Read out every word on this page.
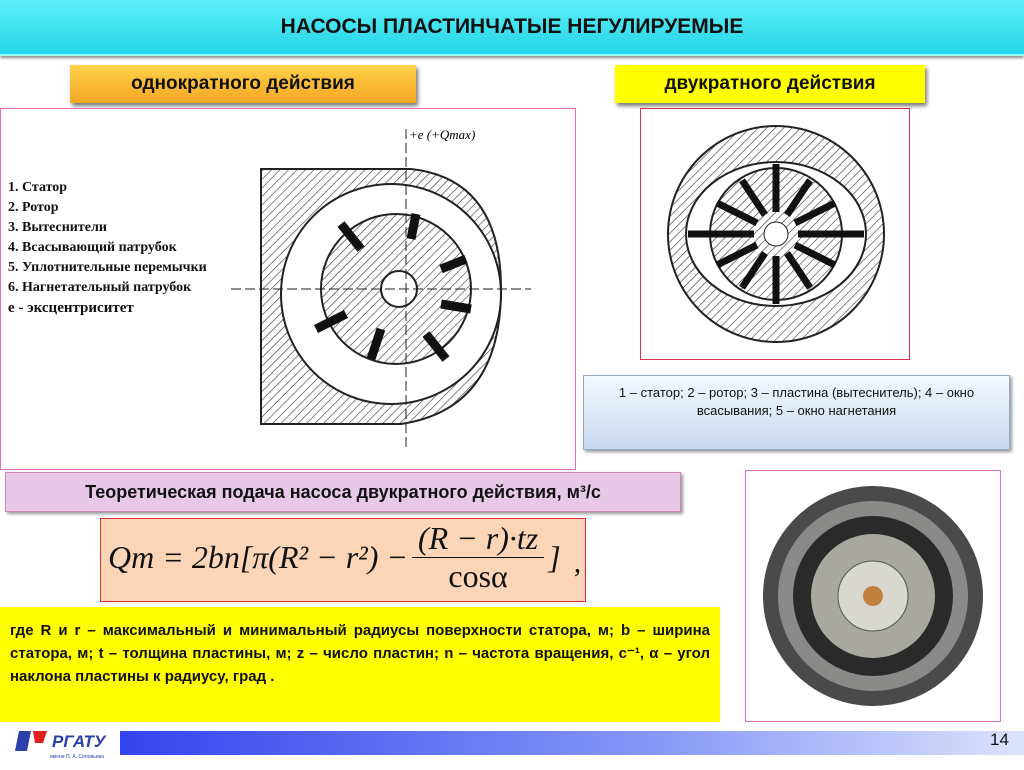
НАСОСЫ ПЛАСТИНЧАТЫЕ НЕГУЛИРУЕМЫЕ
однократного действия	двукратного действия
+e (+Qmax)
1. Статор
2. Ротор
3. Вытеснители
4. Всасывающий патрубок
5. Уплотнительные перемычки
6. Нагнетательный патрубок
e - эксцентриситет
1 – статор; 2 – ротор; 3 – пластина (вытеснитель); 4 – окно всасывания; 5 – окно нагнетания
Теоретическая подача насоса двукратного действия, м³/с
Qт = $2bn[\pi(R^2 - r^2) - \frac{(R - r)\cdot tz}{\cos\alpha}$ ] ,
где R и r – максимальный и минимальный радиусы поверхности статора, м; b – ширина статора, м; t – толщина пластины, м; z – число пластин; n – частота вращения, с⁻¹, α – угол наклона пластины к радиусу, град .
РГАТУ
имени П. А. Соловьева
14
